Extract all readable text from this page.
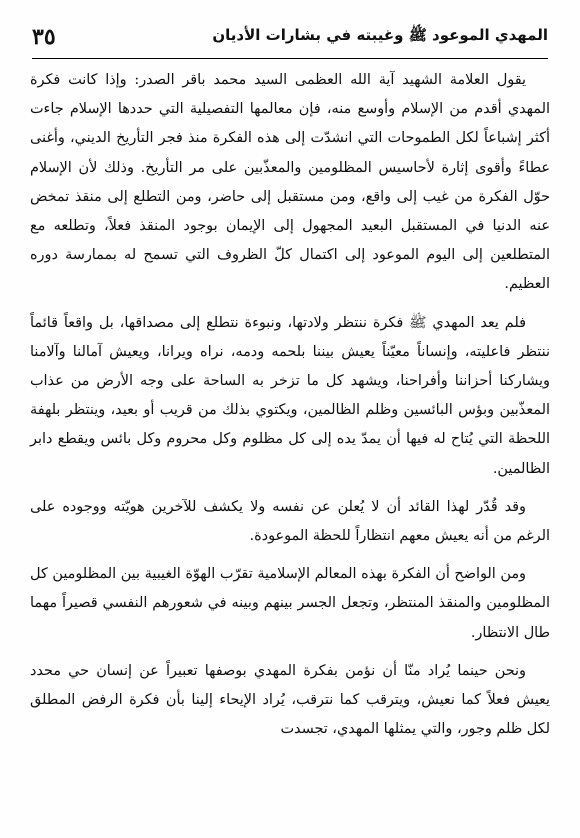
٣٥	المهدي الموعود ﷺ وغيبته في بشارات الأديان

يقول العلامة الشهيد آية الله العظمى السيد محمد باقر الصدر: وإذا كانت فكرة المهدي أقدم من الإسلام وأوسع منه، فإن معالمها التفصيلية التي حددها الإسلام جاءت أكثر إشباعاً لكل الطموحات التي انشدّت إلى هذه الفكرة منذ فجر التأريخ الديني، وأغنى عطاءً وأقوى إثارة لأحاسيس المظلومين والمعذّبين على مر التأريخ. وذلك لأن الإسلام حوّل الفكرة من غيب إلى واقع، ومن مستقبل إلى حاضر، ومن التطلع إلى منقذ تمخض عنه الدنيا في المستقبل البعيد المجهول إلى الإيمان بوجود المنقذ فعلاً، وتطلعه مع المتطلعين إلى اليوم الموعود إلى اكتمال كلّ الظروف التي تسمح له بممارسة دوره العظيم.

فلم يعد المهدي ﷺ فكرة ننتظر ولادتها، ونبوءة نتطلع إلى مصداقها، بل واقعاً قائماً ننتظر فاعليته، وإنساناً معيّناً يعيش بيننا بلحمه ودمه، نراه ويرانا، ويعيش آمالنا وآلامنا ويشاركنا أحزاننا وأفراحنا، ويشهد كل ما تزخر به الساحة على وجه الأرض من عذاب المعذّبين وبؤس البائسين وظلم الظالمين، ويكتوي بذلك من قريب أو بعيد، وينتظر بلهفة اللحظة التي يُتاح له فيها أن يمدّ يده إلى كل مظلوم وكل محروم وكل بائس ويقطع دابر الظالمين.

وقد قُدّر لهذا القائد أن لا يُعلن عن نفسه ولا يكشف للآخرين هويّته ووجوده على الرغم من أنه يعيش معهم انتظاراً للحظة الموعودة.

ومن الواضح أن الفكرة بهذه المعالم الإسلامية تقرّب الهوّة الغيبية بين المظلومين كل المظلومين والمنقذ المنتظر، وتجعل الجسر بينهم وبينه في شعورهم النفسي قصيراً مهما طال الانتظار.

ونحن حينما يُراد منّا أن نؤمن بفكرة المهدي بوصفها تعبيراً عن إنسان حي محدد يعيش فعلاً كما نعيش، ويترقب كما نترقب، يُراد الإيحاء إلينا بأن فكرة الرفض المطلق لكل ظلم وجور، والتي يمثلها المهدي، تجسدت
